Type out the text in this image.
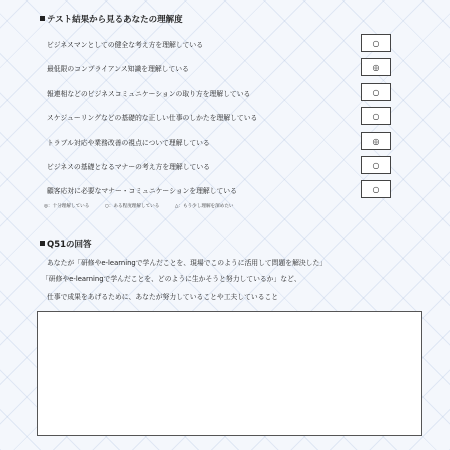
テスト結果から見るあなたの理解度
ビジネスマンとしての健全な考え方を理解している	○
最低限のコンプライアンス知識を理解している	◎
報連相などのビジネスコミュニケーションの取り方を理解している	○
スケジューリングなどの基礎的な正しい仕事のしかたを理解している	○
トラブル対応や業務改善の視点について理解している	◎
ビジネスの基礎となるマナーの考え方を理解している	○
顧客応対に必要なマナー・コミュニケーションを理解している	○
◎：十分理解している	○：ある程度理解している	△：もう少し理解を深めたい
Q51の回答
あなたが「研修やe-learningで学んだことを、現場でこのように活用して問題を解決した」
「研修やe-learningで学んだことを、どのように生かそうと努力しているか」など、
仕事で成果をあげるために、あなたが努力していることや工夫していること
